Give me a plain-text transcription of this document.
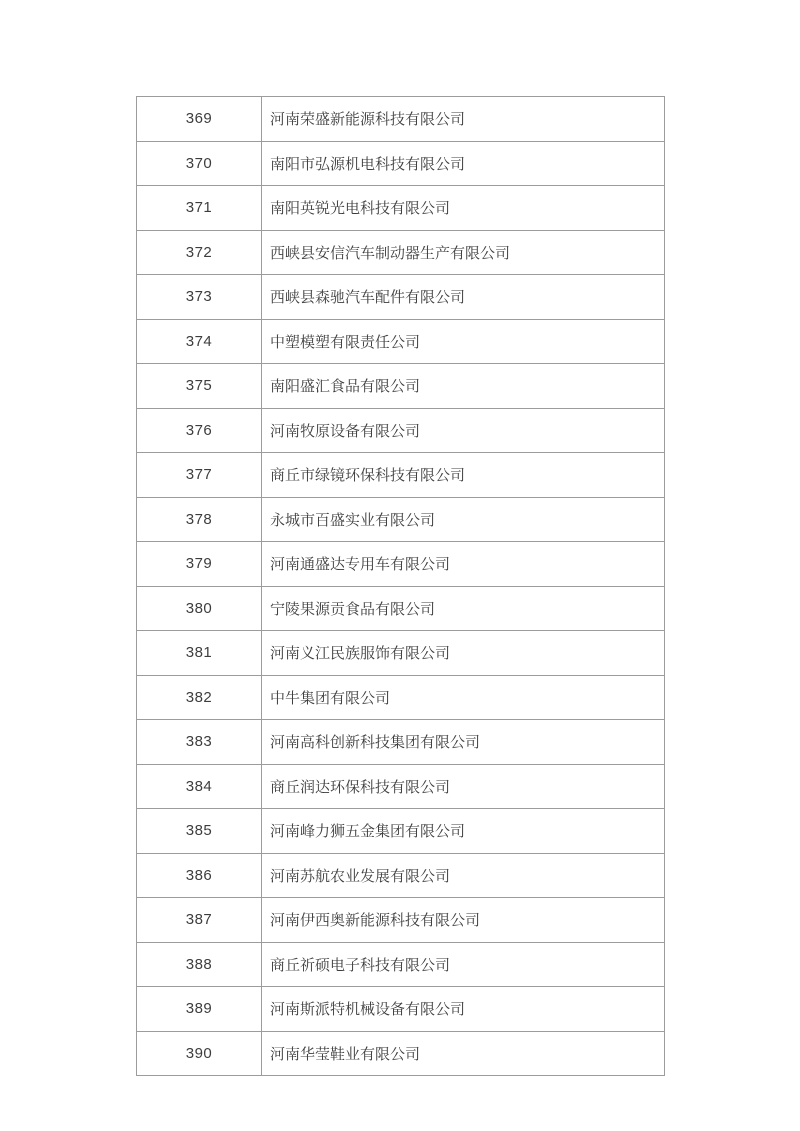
369	河南荣盛新能源科技有限公司
370	南阳市弘源机电科技有限公司
371	南阳英锐光电科技有限公司
372	西峡县安信汽车制动器生产有限公司
373	西峡县森驰汽车配件有限公司
374	中塑模塑有限责任公司
375	南阳盛汇食品有限公司
376	河南牧原设备有限公司
377	商丘市绿镜环保科技有限公司
378	永城市百盛实业有限公司
379	河南通盛达专用车有限公司
380	宁陵果源贡食品有限公司
381	河南义江民族服饰有限公司
382	中牛集团有限公司
383	河南高科创新科技集团有限公司
384	商丘润达环保科技有限公司
385	河南峰力狮五金集团有限公司
386	河南苏航农业发展有限公司
387	河南伊西奥新能源科技有限公司
388	商丘祈硕电子科技有限公司
389	河南斯派特机械设备有限公司
390	河南华莹鞋业有限公司
